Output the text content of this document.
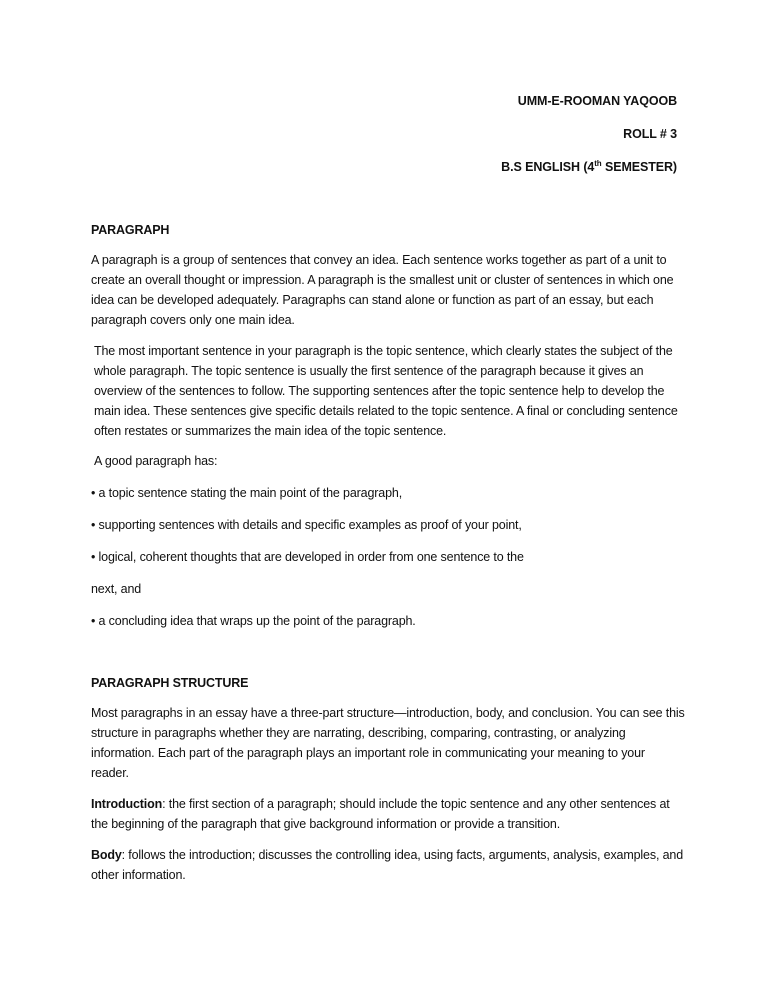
UMM-E-ROOMAN YAQOOB
ROLL # 3
B.S ENGLISH (4th SEMESTER)
PARAGRAPH
A paragraph is a group of sentences that convey an idea. Each sentence works together as part of a unit to create an overall thought or impression. A paragraph is the smallest unit or cluster of sentences in which one idea can be developed adequately. Paragraphs can stand alone or function as part of an essay, but each paragraph covers only one main idea.
The most important sentence in your paragraph is the topic sentence, which clearly states the subject of the whole paragraph. The topic sentence is usually the first sentence of the paragraph because it gives an overview of the sentences to follow. The supporting sentences after the topic sentence help to develop the main idea. These sentences give specific details related to the topic sentence. A final or concluding sentence often restates or summarizes the main idea of the topic sentence.
A good paragraph has:
• a topic sentence stating the main point of the paragraph,
• supporting sentences with details and specific examples as proof of your point,
• logical, coherent thoughts that are developed in order from one sentence to the
next, and
• a concluding idea that wraps up the point of the paragraph.
PARAGRAPH STRUCTURE
Most paragraphs in an essay have a three-part structure—introduction, body, and conclusion. You can see this structure in paragraphs whether they are narrating, describing, comparing, contrasting, or analyzing information. Each part of the paragraph plays an important role in communicating your meaning to your reader.
Introduction: the first section of a paragraph; should include the topic sentence and any other sentences at the beginning of the paragraph that give background information or provide a transition.
Body: follows the introduction; discusses the controlling idea, using facts, arguments, analysis, examples, and other information.
